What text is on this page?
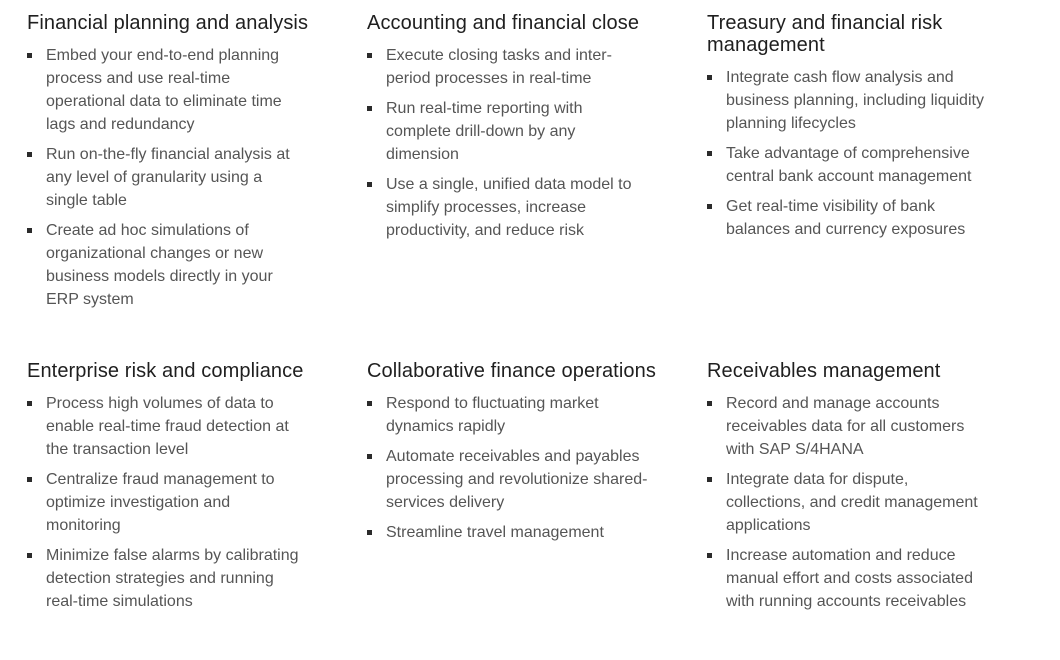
Financial planning and analysis
Embed your end-to-end planning process and use real-time operational data to eliminate time lags and redundancy
Run on-the-fly financial analysis at any level of granularity using a single table
Create ad hoc simulations of organizational changes or new business models directly in your ERP system
Accounting and financial close
Execute closing tasks and inter-period processes in real-time
Run real-time reporting with complete drill-down by any dimension
Use a single, unified data model to simplify processes, increase productivity, and reduce risk
Treasury and financial risk management
Integrate cash flow analysis and business planning, including liquidity planning lifecycles
Take advantage of comprehensive central bank account management
Get real-time visibility of bank balances and currency exposures
Enterprise risk and compliance
Process high volumes of data to enable real-time fraud detection at the transaction level
Centralize fraud management to optimize investigation and monitoring
Minimize false alarms by calibrating detection strategies and running real-time simulations
Collaborative finance operations
Respond to fluctuating market dynamics rapidly
Automate receivables and payables processing and revolutionize shared-services delivery
Streamline travel management
Receivables management
Record and manage accounts receivables data for all customers with SAP S/4HANA
Integrate data for dispute, collections, and credit management applications
Increase automation and reduce manual effort and costs associated with running accounts receivables
